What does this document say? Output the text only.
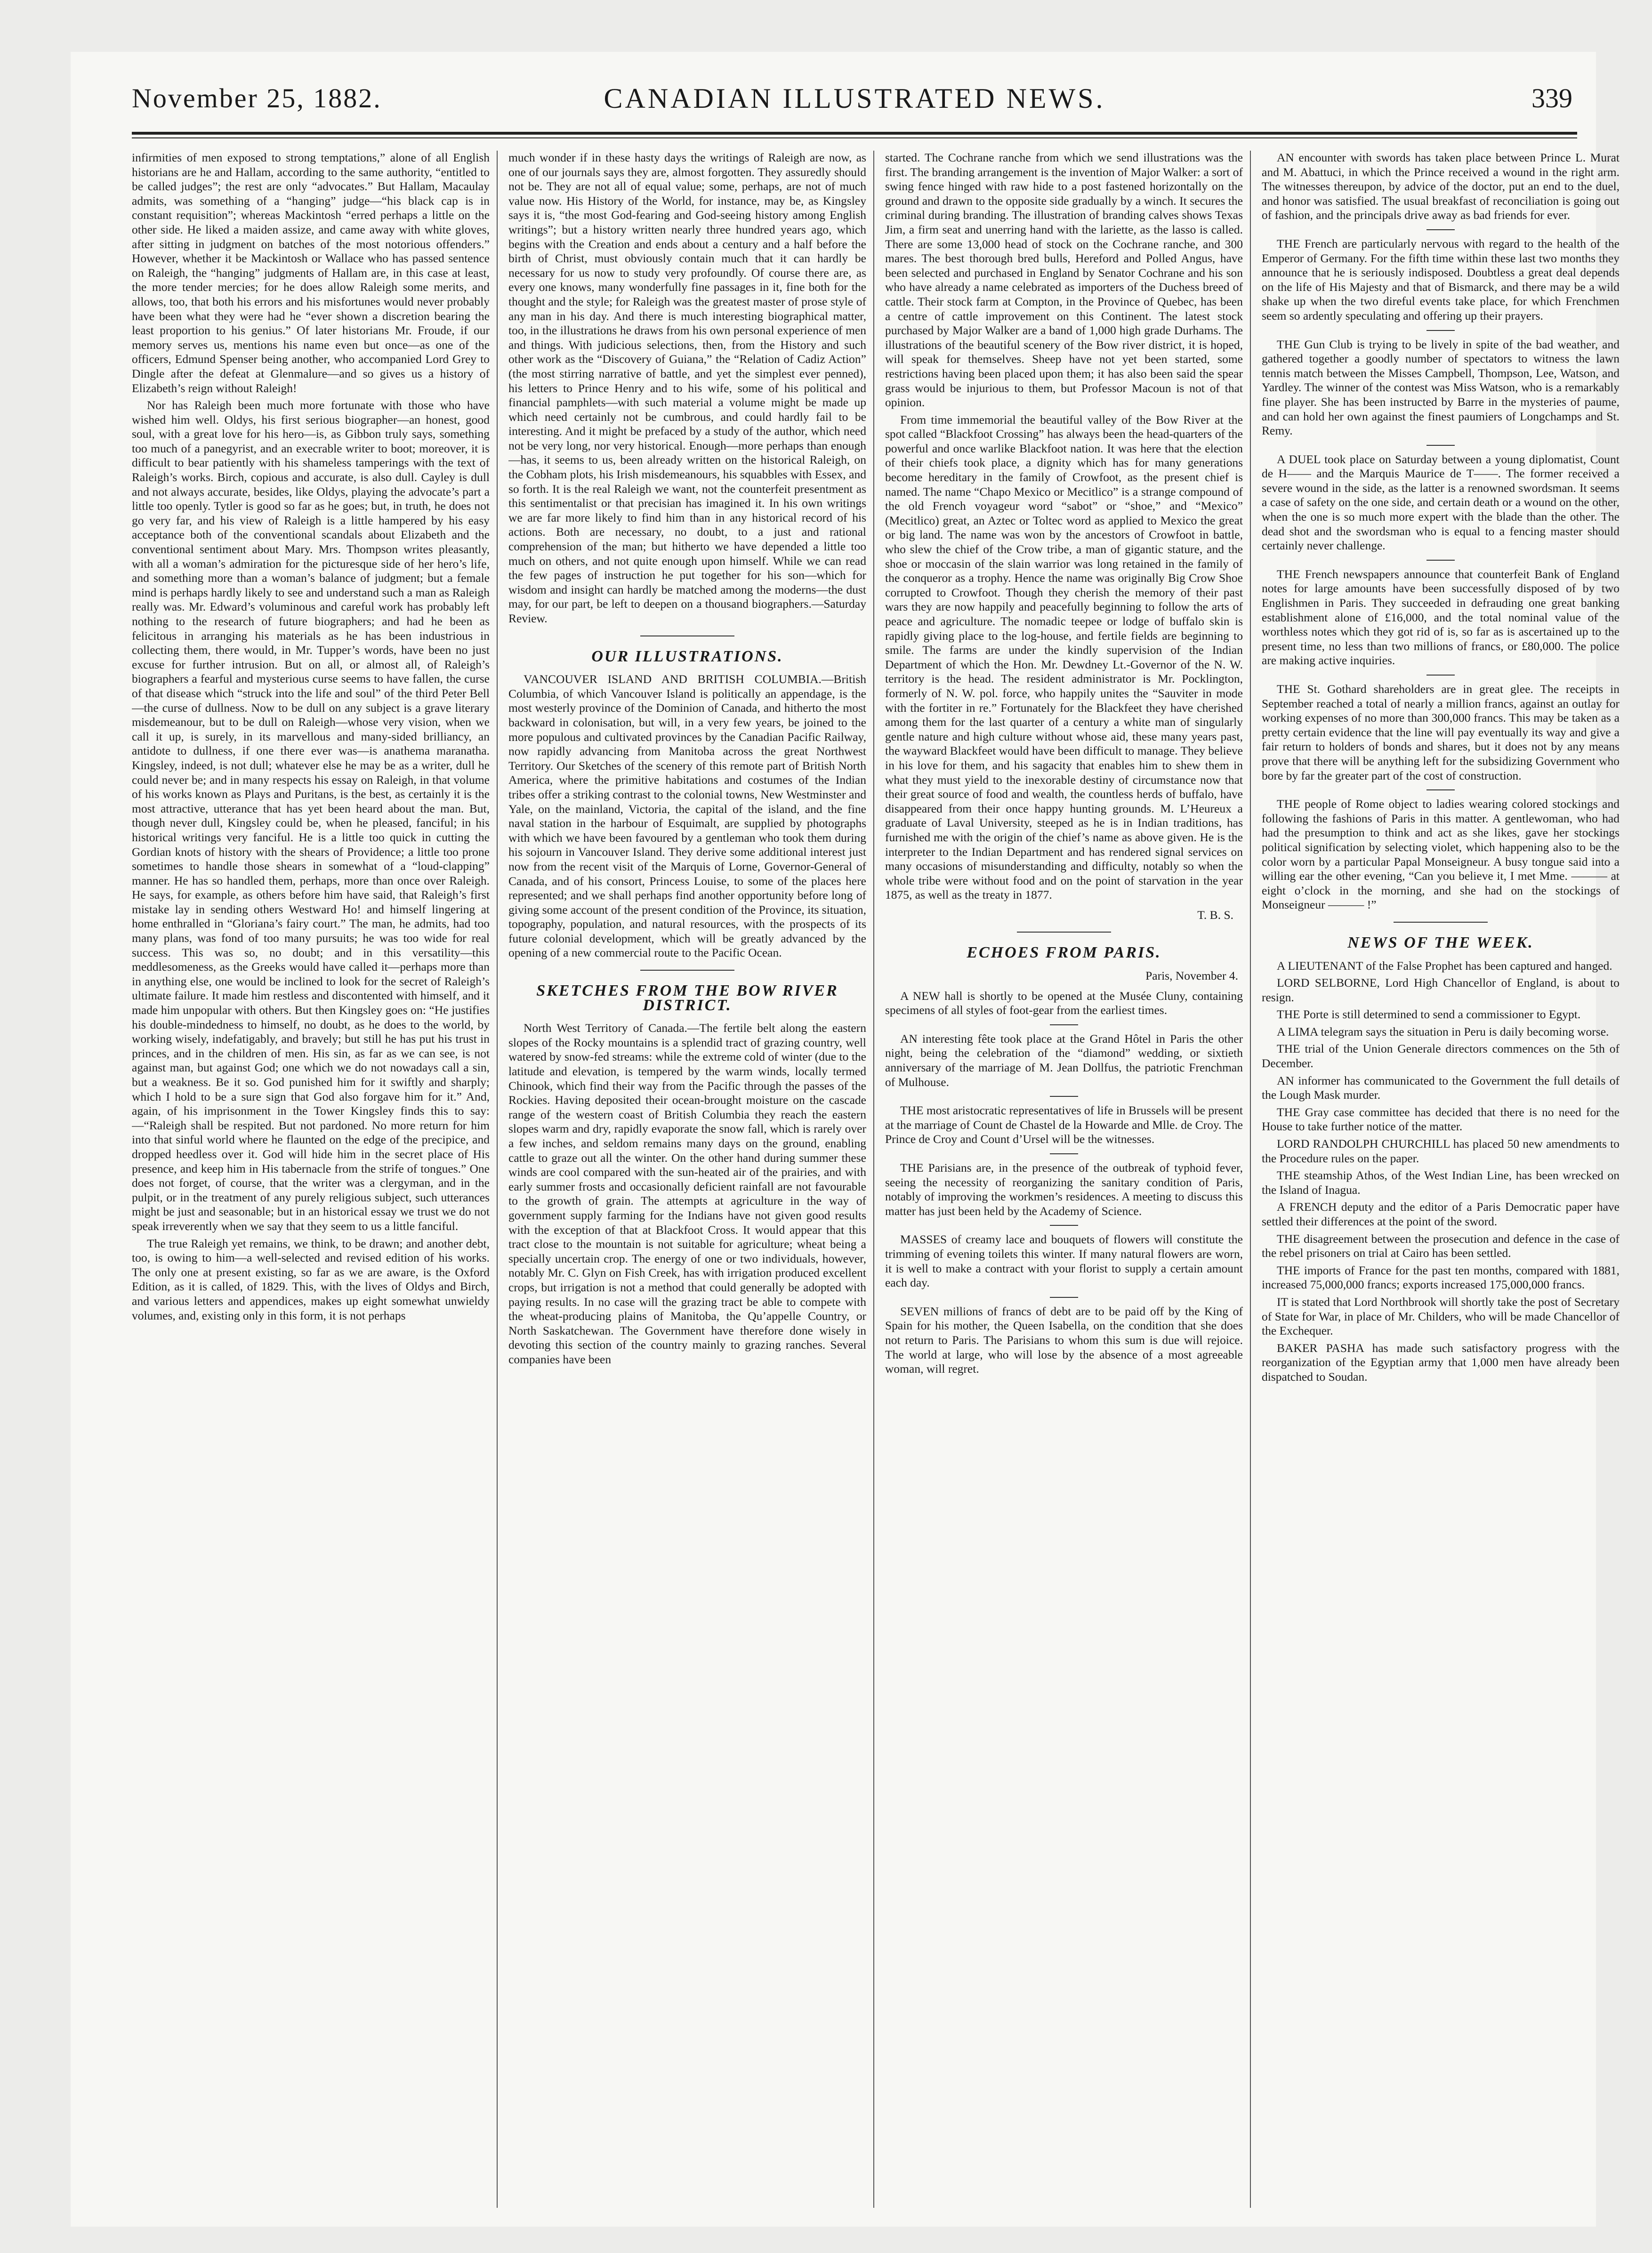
November 25, 1882.	CANADIAN ILLUSTRATED NEWS.	339

infirmities of men exposed to strong temptations,” alone of all English historians are he and Hallam, according to the same authority, “entitled to be called judges”; the rest are only “advocates.” But Hallam, Macaulay admits, was something of a “hanging” judge—“his black cap is in constant requisition”; whereas Mackintosh “erred perhaps a little on the other side. He liked a maiden assize, and came away with white gloves, after sitting in judgment on batches of the most notorious offenders.” However, whether it be Mackintosh or Wallace who has passed sentence on Raleigh, the “hanging” judgments of Hallam are, in this case at least, the more tender mercies; for he does allow Raleigh some merits, and allows, too, that both his errors and his misfortunes would never probably have been what they were had he “ever shown a discretion bearing the least proportion to his genius.” Of later historians Mr. Froude, if our memory serves us, mentions his name even but once—as one of the officers, Edmund Spenser being another, who accompanied Lord Grey to Dingle after the defeat at Glenmalure—and so gives us a history of Elizabeth’s reign without Raleigh!

Nor has Raleigh been much more fortunate with those who have wished him well. Oldys, his first serious biographer—an honest, good soul, with a great love for his hero—is, as Gibbon truly says, something too much of a panegyrist, and an execrable writer to boot; moreover, it is difficult to bear patiently with his shameless tamperings with the text of Raleigh’s works. Birch, copious and accurate, is also dull. Cayley is dull and not always accurate, besides, like Oldys, playing the advocate’s part a little too openly. Tytler is good so far as he goes; but, in truth, he does not go very far, and his view of Raleigh is a little hampered by his easy acceptance both of the conventional scandals about Elizabeth and the conventional sentiment about Mary. Mrs. Thompson writes pleasantly, with all a woman’s admiration for the picturesque side of her hero’s life, and something more than a woman’s balance of judgment; but a female mind is perhaps hardly likely to see and understand such a man as Raleigh really was. Mr. Edward’s voluminous and careful work has probably left nothing to the research of future biographers; and had he been as felicitous in arranging his materials as he has been industrious in collecting them, there would, in Mr. Tupper’s words, have been no just excuse for further intrusion. But on all, or almost all, of Raleigh’s biographers a fearful and mysterious curse seems to have fallen, the curse of that disease which “struck into the life and soul” of the third Peter Bell—the curse of dullness. Now to be dull on any subject is a grave literary misdemeanour, but to be dull on Raleigh—whose very vision, when we call it up, is surely, in its marvellous and many-sided brilliancy, an antidote to dullness, if one there ever was—is anathema maranatha. Kingsley, indeed, is not dull; whatever else he may be as a writer, dull he could never be; and in many respects his essay on Raleigh, in that volume of his works known as Plays and Puritans, is the best, as certainly it is the most attractive, utterance that has yet been heard about the man. But, though never dull, Kingsley could be, when he pleased, fanciful; in his historical writings very fanciful. He is a little too quick in cutting the Gordian knots of history with the shears of Providence; a little too prone sometimes to handle those shears in somewhat of a “loud-clapping” manner. He has so handled them, perhaps, more than once over Raleigh. He says, for example, as others before him have said, that Raleigh’s first mistake lay in sending others Westward Ho! and himself lingering at home enthralled in “Gloriana’s fairy court.” The man, he admits, had too many plans, was fond of too many pursuits; he was too wide for real success. This was so, no doubt; and in this versatility—this meddlesomeness, as the Greeks would have called it—perhaps more than in anything else, one would be inclined to look for the secret of Raleigh’s ultimate failure. It made him restless and discontented with himself, and it made him unpopular with others. But then Kingsley goes on: “He justifies his double-mindedness to himself, no doubt, as he does to the world, by working wisely, indefatigably, and bravely; but still he has put his trust in princes, and in the children of men. His sin, as far as we can see, is not against man, but against God; one which we do not nowadays call a sin, but a weakness. Be it so. God punished him for it swiftly and sharply; which I hold to be a sure sign that God also forgave him for it.” And, again, of his imprisonment in the Tower Kingsley finds this to say:—“Raleigh shall be respited. But not pardoned. No more return for him into that sinful world where he flaunted on the edge of the precipice, and dropped heedless over it. God will hide him in the secret place of His presence, and keep him in His tabernacle from the strife of tongues.” One does not forget, of course, that the writer was a clergyman, and in the pulpit, or in the treatment of any purely religious subject, such utterances might be just and seasonable; but in an historical essay we trust we do not speak irreverently when we say that they seem to us a little fanciful.

The true Raleigh yet remains, we think, to be drawn; and another debt, too, is owing to him—a well-selected and revised edition of his works. The only one at present existing, so far as we are aware, is the Oxford Edition, as it is called, of 1829. This, with the lives of Oldys and Birch, and various letters and appendices, makes up eight somewhat unwieldy volumes, and, existing only in this form, it is not perhaps

much wonder if in these hasty days the writings of Raleigh are now, as one of our journals says they are, almost forgotten. They assuredly should not be. They are not all of equal value; some, perhaps, are not of much value now. His History of the World, for instance, may be, as Kingsley says it is, “the most God-fearing and God-seeing history among English writings”; but a history written nearly three hundred years ago, which begins with the Creation and ends about a century and a half before the birth of Christ, must obviously contain much that it can hardly be necessary for us now to study very profoundly. Of course there are, as every one knows, many wonderfully fine passages in it, fine both for the thought and the style; for Raleigh was the greatest master of prose style of any man in his day. And there is much interesting biographical matter, too, in the illustrations he draws from his own personal experience of men and things. With judicious selections, then, from the History and such other work as the “Discovery of Guiana,” the “Relation of Cadiz Action” (the most stirring narrative of battle, and yet the simplest ever penned), his letters to Prince Henry and to his wife, some of his political and financial pamphlets—with such material a volume might be made up which need certainly not be cumbrous, and could hardly fail to be interesting. And it might be prefaced by a study of the author, which need not be very long, nor very historical. Enough—more perhaps than enough—has, it seems to us, been already written on the historical Raleigh, on the Cobham plots, his Irish misdemeanours, his squabbles with Essex, and so forth. It is the real Raleigh we want, not the counterfeit presentment as this sentimentalist or that precisian has imagined it. In his own writings we are far more likely to find him than in any historical record of his actions. Both are necessary, no doubt, to a just and rational comprehension of the man; but hitherto we have depended a little too much on others, and not quite enough upon himself. While we can read the few pages of instruction he put together for his son—which for wisdom and insight can hardly be matched among the moderns—the dust may, for our part, be left to deepen on a thousand biographers.—Saturday Review.

OUR ILLUSTRATIONS.

VANCOUVER ISLAND AND BRITISH COLUMBIA.—British Columbia, of which Vancouver Island is politically an appendage, is the most westerly province of the Dominion of Canada, and hitherto the most backward in colonisation, but will, in a very few years, be joined to the more populous and cultivated provinces by the Canadian Pacific Railway, now rapidly advancing from Manitoba across the great Northwest Territory. Our Sketches of the scenery of this remote part of British North America, where the primitive habitations and costumes of the Indian tribes offer a striking contrast to the colonial towns, New Westminster and Yale, on the mainland, Victoria, the capital of the island, and the fine naval station in the harbour of Esquimalt, are supplied by photographs with which we have been favoured by a gentleman who took them during his sojourn in Vancouver Island. They derive some additional interest just now from the recent visit of the Marquis of Lorne, Governor-General of Canada, and of his consort, Princess Louise, to some of the places here represented; and we shall perhaps find another opportunity before long of giving some account of the present condition of the Province, its situation, topography, population, and natural resources, with the prospects of its future colonial development, which will be greatly advanced by the opening of a new commercial route to the Pacific Ocean.

SKETCHES FROM THE BOW RIVER DISTRICT.

North West Territory of Canada.—The fertile belt along the eastern slopes of the Rocky mountains is a splendid tract of grazing country, well watered by snow-fed streams: while the extreme cold of winter (due to the latitude and elevation, is tempered by the warm winds, locally termed Chinook, which find their way from the Pacific through the passes of the Rockies. Having deposited their ocean-brought moisture on the cascade range of the western coast of British Columbia they reach the eastern slopes warm and dry, rapidly evaporate the snow fall, which is rarely over a few inches, and seldom remains many days on the ground, enabling cattle to graze out all the winter. On the other hand during summer these winds are cool compared with the sun-heated air of the prairies, and with early summer frosts and occasionally deficient rainfall are not favourable to the growth of grain. The attempts at agriculture in the way of government supply farming for the Indians have not given good results with the exception of that at Blackfoot Cross. It would appear that this tract close to the mountain is not suitable for agriculture; wheat being a specially uncertain crop. The energy of one or two individuals, however, notably Mr. C. Glyn on Fish Creek, has with irrigation produced excellent crops, but irrigation is not a method that could generally be adopted with paying results. In no case will the grazing tract be able to compete with the wheat-producing plains of Manitoba, the Qu’appelle Country, or North Saskatchewan. The Government have therefore done wisely in devoting this section of the country mainly to grazing ranches. Several companies have been

started. The Cochrane ranche from which we send illustrations was the first. The branding arrangement is the invention of Major Walker: a sort of swing fence hinged with raw hide to a post fastened horizontally on the ground and drawn to the opposite side gradually by a winch. It secures the criminal during branding. The illustration of branding calves shows Texas Jim, a firm seat and unerring hand with the lariette, as the lasso is called. There are some 13,000 head of stock on the Cochrane ranche, and 300 mares. The best thorough bred bulls, Hereford and Polled Angus, have been selected and purchased in England by Senator Cochrane and his son who have already a name celebrated as importers of the Duchess breed of cattle. Their stock farm at Compton, in the Province of Quebec, has been a centre of cattle improvement on this Continent. The latest stock purchased by Major Walker are a band of 1,000 high grade Durhams. The illustrations of the beautiful scenery of the Bow river district, it is hoped, will speak for themselves. Sheep have not yet been started, some restrictions having been placed upon them; it has also been said the spear grass would be injurious to them, but Professor Macoun is not of that opinion.

From time immemorial the beautiful valley of the Bow River at the spot called “Blackfoot Crossing” has always been the head-quarters of the powerful and once warlike Blackfoot nation. It was here that the election of their chiefs took place, a dignity which has for many generations become hereditary in the family of Crowfoot, as the present chief is named. The name “Chapo Mexico or Mecitlico” is a strange compound of the old French voyageur word “sabot” or “shoe,” and “Mexico” (Mecitlico) great, an Aztec or Toltec word as applied to Mexico the great or big land. The name was won by the ancestors of Crowfoot in battle, who slew the chief of the Crow tribe, a man of gigantic stature, and the shoe or moccasin of the slain warrior was long retained in the family of the conqueror as a trophy. Hence the name was originally Big Crow Shoe corrupted to Crowfoot. Though they cherish the memory of their past wars they are now happily and peacefully beginning to follow the arts of peace and agriculture. The nomadic teepee or lodge of buffalo skin is rapidly giving place to the log-house, and fertile fields are beginning to smile. The farms are under the kindly supervision of the Indian Department of which the Hon. Mr. Dewdney Lt.-Governor of the N. W. territory is the head. The resident administrator is Mr. Pocklington, formerly of N. W. pol. force, who happily unites the “Sauviter in mode with the fortiter in re.” Fortunately for the Blackfeet they have cherished among them for the last quarter of a century a white man of singularly gentle nature and high culture without whose aid, these many years past, the wayward Blackfeet would have been difficult to manage. They believe in his love for them, and his sagacity that enables him to shew them in what they must yield to the inexorable destiny of circumstance now that their great source of food and wealth, the countless herds of buffalo, have disappeared from their once happy hunting grounds. M. L’Heureux a graduate of Laval University, steeped as he is in Indian traditions, has furnished me with the origin of the chief’s name as above given. He is the interpreter to the Indian Department and has rendered signal services on many occasions of misunderstanding and difficulty, notably so when the whole tribe were without food and on the point of starvation in the year 1875, as well as the treaty in 1877.

T. B. S.
ECHOES FROM PARIS.
Paris, November 4.

A NEW hall is shortly to be opened at the Musée Cluny, containing specimens of all styles of foot-gear from the earliest times.

AN interesting fête took place at the Grand Hôtel in Paris the other night, being the celebration of the “diamond” wedding, or sixtieth anniversary of the marriage of M. Jean Dollfus, the patriotic Frenchman of Mulhouse.

THE most aristocratic representatives of life in Brussels will be present at the marriage of Count de Chastel de la Howarde and Mlle. de Croy. The Prince de Croy and Count d’Ursel will be the witnesses.

THE Parisians are, in the presence of the outbreak of typhoid fever, seeing the necessity of reorganizing the sanitary condition of Paris, notably of improving the workmen’s residences. A meeting to discuss this matter has just been held by the Academy of Science.

MASSES of creamy lace and bouquets of flowers will constitute the trimming of evening toilets this winter. If many natural flowers are worn, it is well to make a contract with your florist to supply a certain amount each day.

SEVEN millions of francs of debt are to be paid off by the King of Spain for his mother, the Queen Isabella, on the condition that she does not return to Paris. The Parisians to whom this sum is due will rejoice. The world at large, who will lose by the absence of a most agreeable woman, will regret.

AN encounter with swords has taken place between Prince L. Murat and M. Abattuci, in which the Prince received a wound in the right arm. The witnesses thereupon, by advice of the doctor, put an end to the duel, and honor was satisfied. The usual breakfast of reconciliation is going out of fashion, and the principals drive away as bad friends for ever.

THE French are particularly nervous with regard to the health of the Emperor of Germany. For the fifth time within these last two months they announce that he is seriously indisposed. Doubtless a great deal depends on the life of His Majesty and that of Bismarck, and there may be a wild shake up when the two direful events take place, for which Frenchmen seem so ardently speculating and offering up their prayers.

THE Gun Club is trying to be lively in spite of the bad weather, and gathered together a goodly number of spectators to witness the lawn tennis match between the Misses Campbell, Thompson, Lee, Watson, and Yardley. The winner of the contest was Miss Watson, who is a remarkably fine player. She has been instructed by Barre in the mysteries of paume, and can hold her own against the finest paumiers of Longchamps and St. Remy.

A DUEL took place on Saturday between a young diplomatist, Count de H—— and the Marquis Maurice de T——. The former received a severe wound in the side, as the latter is a renowned swordsman. It seems a case of safety on the one side, and certain death or a wound on the other, when the one is so much more expert with the blade than the other. The dead shot and the swordsman who is equal to a fencing master should certainly never challenge.

THE French newspapers announce that counterfeit Bank of England notes for large amounts have been successfully disposed of by two Englishmen in Paris. They succeeded in defrauding one great banking establishment alone of £16,000, and the total nominal value of the worthless notes which they got rid of is, so far as is ascertained up to the present time, no less than two millions of francs, or £80,000. The police are making active inquiries.

THE St. Gothard shareholders are in great glee. The receipts in September reached a total of nearly a million francs, against an outlay for working expenses of no more than 300,000 francs. This may be taken as a pretty certain evidence that the line will pay eventually its way and give a fair return to holders of bonds and shares, but it does not by any means prove that there will be anything left for the subsidizing Government who bore by far the greater part of the cost of construction.

THE people of Rome object to ladies wearing colored stockings and following the fashions of Paris in this matter. A gentlewoman, who had had the presumption to think and act as she likes, gave her stockings political signification by selecting violet, which happening also to be the color worn by a particular Papal Monseigneur. A busy tongue said into a willing ear the other evening, “Can you believe it, I met Mme. ——— at eight o’clock in the morning, and she had on the stockings of Monseigneur ——— !”

NEWS OF THE WEEK.

A LIEUTENANT of the False Prophet has been captured and hanged.

LORD SELBORNE, Lord High Chancellor of England, is about to resign.

THE Porte is still determined to send a commissioner to Egypt.

A LIMA telegram says the situation in Peru is daily becoming worse.

THE trial of the Union Generale directors commences on the 5th of December.

AN informer has communicated to the Government the full details of the Lough Mask murder.

THE Gray case committee has decided that there is no need for the House to take further notice of the matter.

LORD RANDOLPH CHURCHILL has placed 50 new amendments to the Procedure rules on the paper.

THE steamship Athos, of the West Indian Line, has been wrecked on the Island of Inagua.

A FRENCH deputy and the editor of a Paris Democratic paper have settled their differences at the point of the sword.

THE disagreement between the prosecution and defence in the case of the rebel prisoners on trial at Cairo has been settled.

THE imports of France for the past ten months, compared with 1881, increased 75,000,000 francs; exports increased 175,000,000 francs.

IT is stated that Lord Northbrook will shortly take the post of Secretary of State for War, in place of Mr. Childers, who will be made Chancellor of the Exchequer.

BAKER PASHA has made such satisfactory progress with the reorganization of the Egyptian army that 1,000 men have already been dispatched to Soudan.
